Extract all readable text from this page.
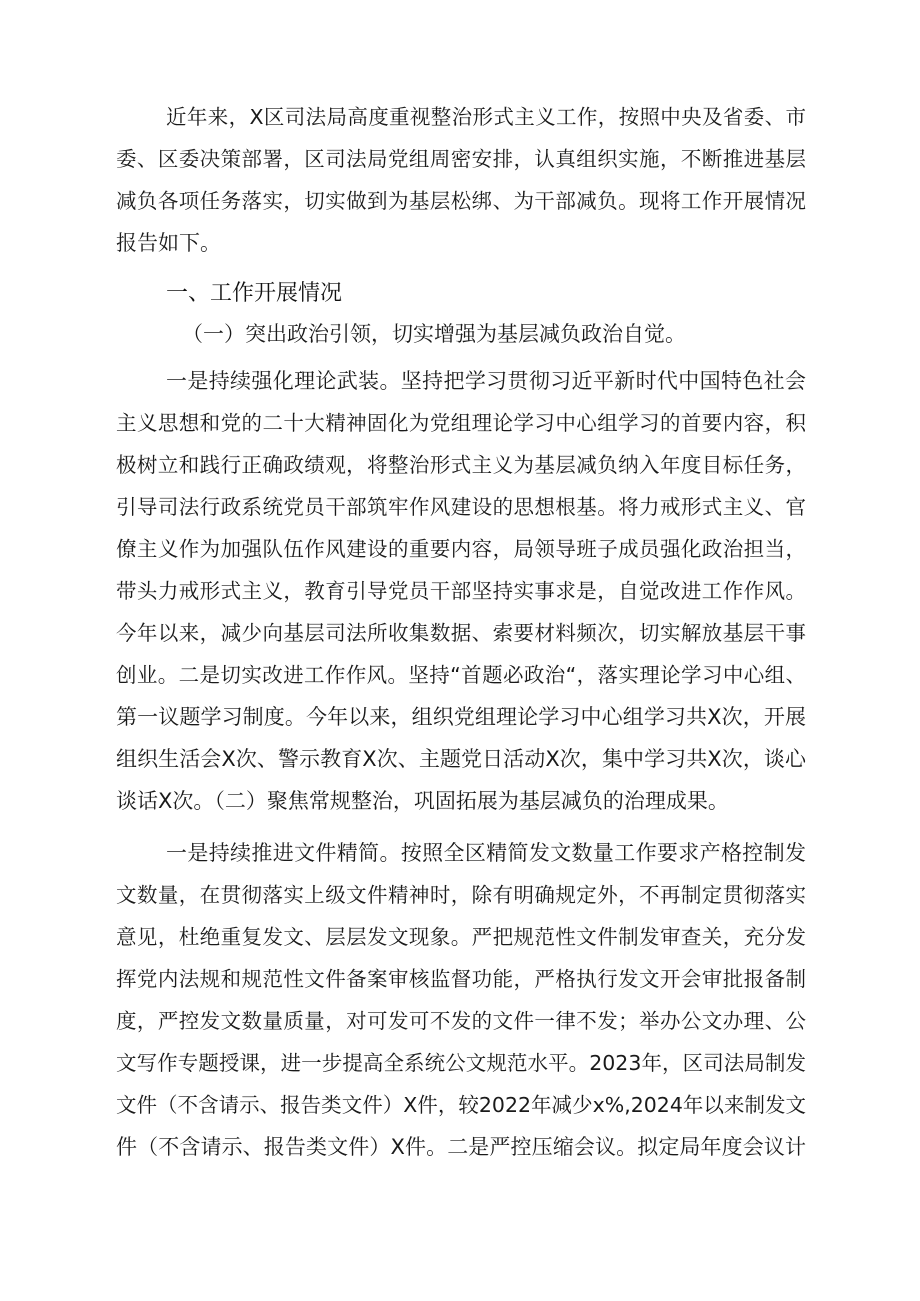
近年来，X区司法局高度重视整治形式主义工作，按照中央及省委、市
委、区委决策部署，区司法局党组周密安排，认真组织实施，不断推进基层
减负各项任务落实，切实做到为基层松绑、为干部减负。现将工作开展情况
报告如下。
一、工作开展情况
（一）突出政治引领，切实增强为基层减负政治自觉。
一是持续强化理论武装。坚持把学习贯彻习近平新时代中国特色社会
主义思想和党的二十大精神固化为党组理论学习中心组学习的首要内容，积
极树立和践行正确政绩观，将整治形式主义为基层减负纳入年度目标任务，
引导司法行政系统党员干部筑牢作风建设的思想根基。将力戒形式主义、官
僚主义作为加强队伍作风建设的重要内容，局领导班子成员强化政治担当，
带头力戒形式主义，教育引导党员干部坚持实事求是，自觉改进工作作风。
今年以来，减少向基层司法所收集数据、索要材料频次，切实解放基层干事
创业。二是切实改进工作作风。坚持“首题必政治“，落实理论学习中心组、
第一议题学习制度。今年以来，组织党组理论学习中心组学习共X次，开展
组织生活会X次、警示教育X次、主题党日活动X次，集中学习共X次，谈心
谈话X次。（二）聚焦常规整治，巩固拓展为基层减负的治理成果。
一是持续推进文件精简。按照全区精简发文数量工作要求产格控制发
文数量，在贯彻落实上级文件精神时，除有明确规定外，不再制定贯彻落实
意见，杜绝重复发文、层层发文现象。严把规范性文件制发审查关，充分发
挥党内法规和规范性文件备案审核监督功能，严格执行发文开会审批报备制
度，严控发文数量质量，对可发可不发的文件一律不发；举办公文办理、公
文写作专题授课，进一步提高全系统公文规范水平。2023年，区司法局制发
文件（不含请示、报告类文件）X件，较2022年减少x%,2024年以来制发文
件（不含请示、报告类文件）X件。二是严控压缩会议。拟定局年度会议计
